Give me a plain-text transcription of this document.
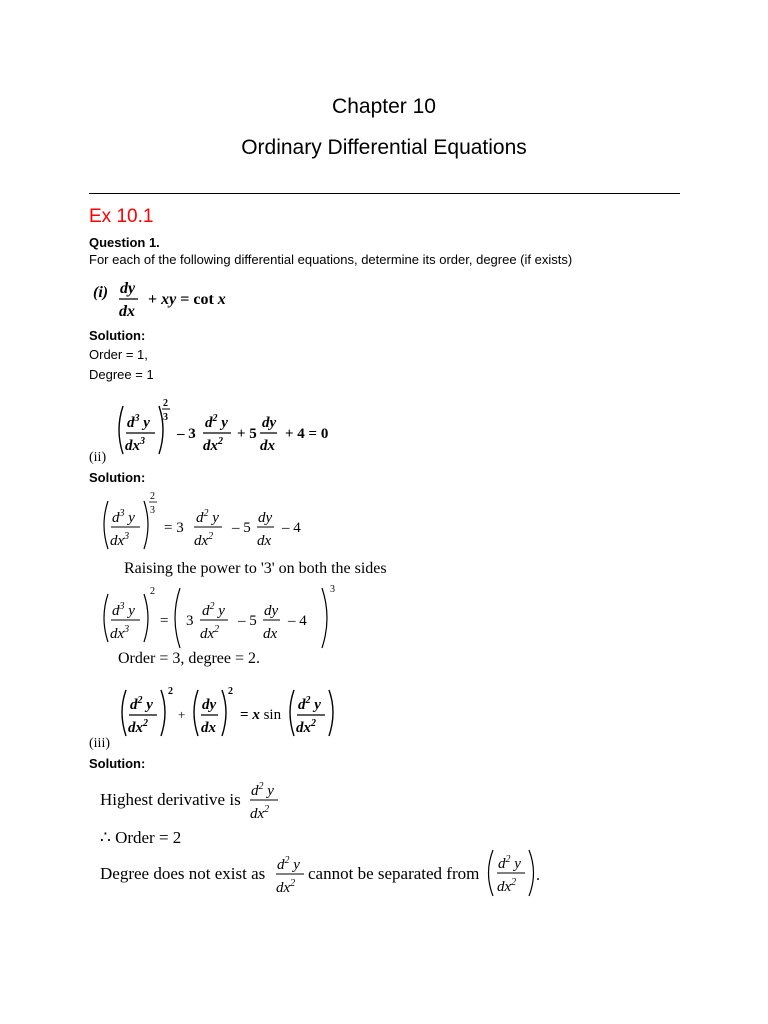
Chapter 10
Ordinary Differential Equations
Ex 10.1
Question 1.
For each of the following differential equations, determine its order, degree (if exists)
(i) dy
dx
+ xy = cot x
Solution:
Order = 1,
Degree = 1
$d^3$ y
$dx^3$
2
3
– 3
$d^2$ y
$dx^2 + 5$
dy
dx
+ 4 = 0
(ii)
Solution:
$d^3$ y
$dx^3$
2
3
= 3
$d^2$ y
$dx^2$
– 5
dy
dx
– 4
Raising the power to '3' on both the sides
$d^3$ y
$dx^3$
2
= 3
$d^2$ y
$dx^2$
– 5
dy
dx
– 4
3
Order = 3, degree = 2.
$d^2$ y
$dx^2$
2
+
dy
dx
2
= x sin
$d^2$ y
$dx^2$
(iii)
Solution:
Highest derivative is $d^2$ y
$dx^2$
∴ Order = 2
Degree does not exist as $d^2$ y
$dx^2$
cannot be separated from $d^2$ y
$dx^2$ .
